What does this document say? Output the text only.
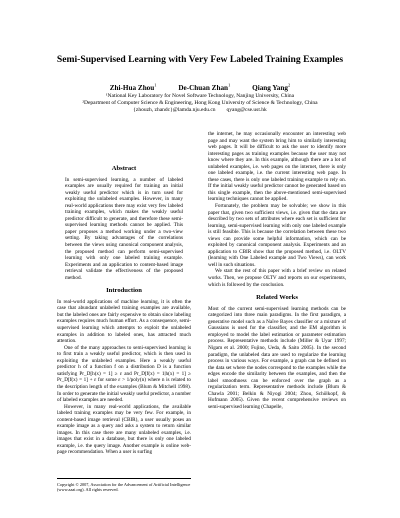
Semi-Supervised Learning with Very Few Labeled Training Examples
Zhi-Hua Zhou$^1$	De-Chuan Zhan$^1$	Qiang Yang$^2$
¹National Key Laboratory for Novel Software Technology, Nanjing University, China
²Department of Computer Science & Engineering, Hong Kong University of Science & Technology, China
{zhouzh, zhandc}@lamda.nju.edu.cn        qyang@cse.ust.hk
Abstract

In semi-supervised learning, a number of labeled examples are usually required for training an initial weakly useful predictor which is in turn used for exploiting the unlabeled examples. However, in many real-world applications there may exist very few labeled training examples, which makes the weakly useful predictor difficult to generate, and therefore these semi-supervised learning methods cannot be applied. This paper proposes a method working under a two-view setting. By taking advantages of the correlations between the views using canonical component analysis, the proposed method can perform semi-supervised learning with only one labeled training example. Experiments and an application to content-based image retrieval validate the effectiveness of the proposed method.

Introduction

In real-world applications of machine learning, it is often the case that abundant unlabeled training examples are available, but the labeled ones are fairly expensive to obtain since labeling examples requires much human effort. As a consequence, semi-supervised learning which attempts to exploit the unlabeled examples in addition to labeled ones, has attracted much attention.

One of the many approaches to semi-supervised learning is to first train a weakly useful predictor, which is then used in exploiting the unlabeled examples. Here a weakly useful predictor h of a function f on a distribution D is a function satisfying Pr_D[h(x) = 1] ≥ ε and Pr_D[f(x) = 1|h(x) = 1] ≥ Pr_D[f(x) = 1] + ε for some ε > 1/poly(n) where n is related to the description length of the examples (Blum & Mitchell 1998). In order to generate the initial weakly useful predictor, a number of labeled examples are needed.

However, in many real-world applications, the available labeled training examples may be very few. For example, in content-based image retrieval (CBIR), a user usually poses an example image as a query and asks a system to return similar images. In this case there are many unlabeled examples, i.e. images that exist in a database, but there is only one labeled example, i.e. the query image. Another example is online web-page recommendation. When a user is surfing

Copyright © 2007, Association for the Advancement of Artificial Intelligence (www.aaai.org). All rights reserved.

the internet, he may occasionally encounter an interesting web page and may want the system bring him to similarly interesting web pages. It will be difficult to ask the user to identify more interesting pages as training examples because the user may not know where they are. In this example, although there are a lot of unlabeled examples, i.e. web pages on the internet, there is only one labeled example, i.e. the current interesting web page. In these cases, there is only one labeled training example to rely on. If the initial weakly useful predictor cannot be generated based on this single example, then the above-mentioned semi-supervised learning techniques cannot be applied.

Fortunately, the problem may be solvable; we show in this paper that, given two sufficient views, i.e. given that the data are described by two sets of attributes where each set is sufficient for learning, semi-supervised learning with only one labeled example is still feasible. This is because the correlation between these two views can provide some helpful information, which can be exploited by canonical component analysis. Experiments and an application to CBIR show that the proposed method, i.e. OLTV (learning with One Labeled example and Two Views), can work well in such situations.

We start the rest of this paper with a brief review on related works. Then, we propose OLTV and reports on our experiments, which is followed by the conclusion.

Related Works

Most of the current semi-supervised learning methods can be categorized into three main paradigms. In the first paradigm, a generative model such as a Naïve Bayes classifier or a mixture of Gaussians is used for the classifier, and the EM algorithm is employed to model the label estimation or parameter estimation process. Representative methods include (Miller & Uyar 1997; Nigam et al. 2000; Fujino, Ueda, & Saito 2005). In the second paradigm, the unlabeled data are used to regularize the learning process in various ways. For example, a graph can be defined on the data set where the nodes correspond to the examples while the edges encode the similarity between the examples, and then the label smoothness can be enforced over the graph as a regularization term. Representative methods include (Blum & Chawla 2001; Belkin & Niyogi 2004; Zhou, Schölkopf, & Hofmann 2005). Given the recent comprehensive reviews on semi-supervised learning (Chapelle,
